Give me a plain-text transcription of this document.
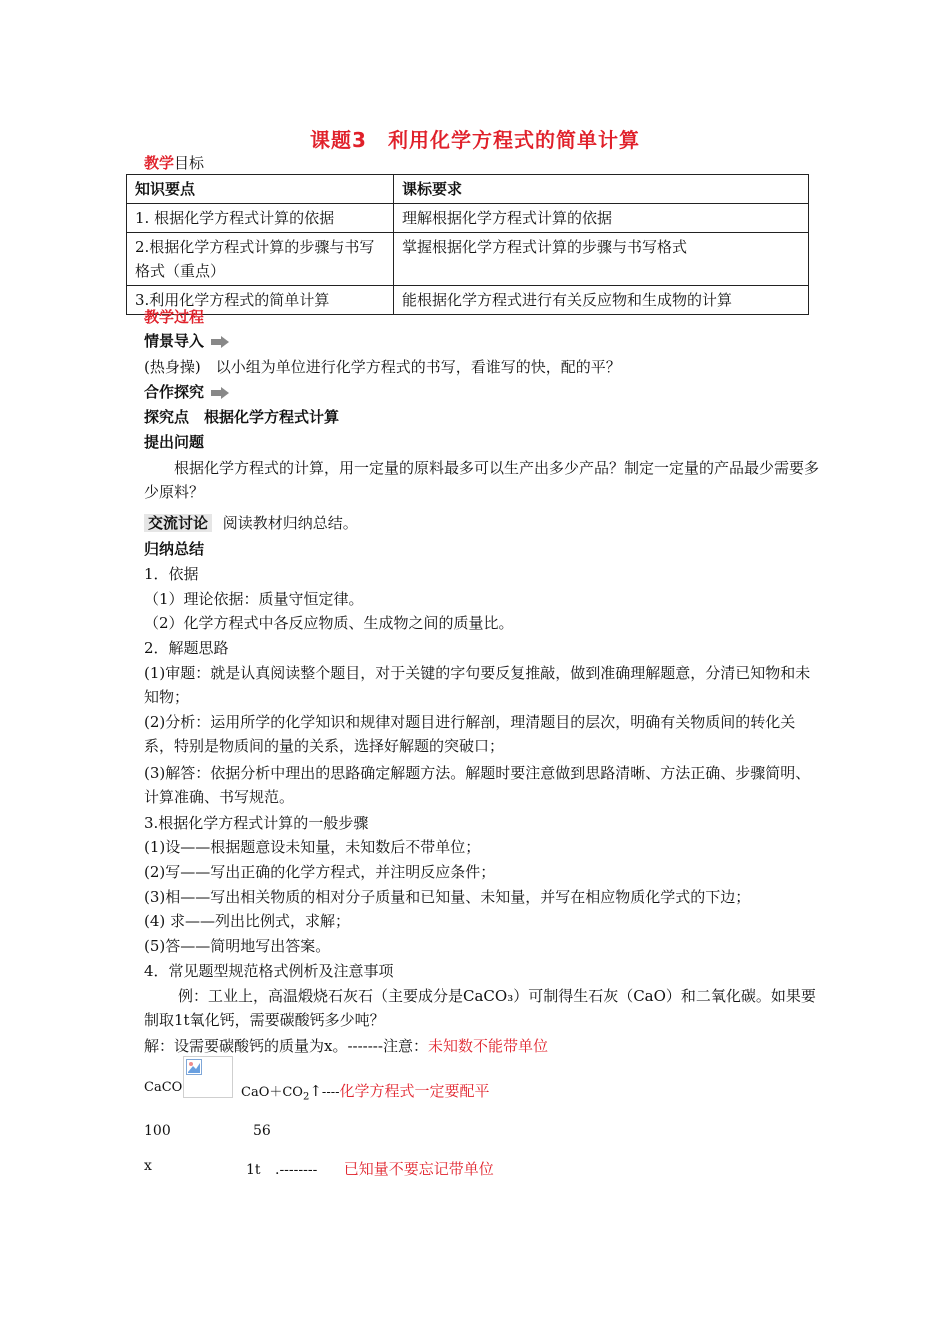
课题3　利用化学方程式的简单计算
教学目标
知识要点	课标要求
1. 根据化学方程式计算的依据	理解根据化学方程式计算的依据
2.根据化学方程式计算的步骤与书写格式（重点）	掌握根据化学方程式计算的步骤与书写格式
3.利用化学方程式的简单计算	能根据化学方程式进行有关反应物和生成物的计算
教学过程
情景导入
(热身操)　以小组为单位进行化学方程式的书写，看谁写的快，配的平？
合作探究
探究点　根据化学方程式计算
提出问题
根据化学方程式的计算，用一定量的原料最多可以生产出多少产品？制定一定量的产品最少需要多少原料？
交流讨论 阅读教材归纳总结。
归纳总结
1．依据
（1）理论依据：质量守恒定律。
（2）化学方程式中各反应物质、生成物之间的质量比。
2．解题思路
(1)审题：就是认真阅读整个题目，对于关键的字句要反复推敲，做到准确理解题意，分清已知物和未知物；
(2)分析：运用所学的化学知识和规律对题目进行解剖，理清题目的层次，明确有关物质间的转化关系，特别是物质间的量的关系，选择好解题的突破口；
(3)解答：依据分析中理出的思路确定解题方法。解题时要注意做到思路清晰、方法正确、步骤简明、计算准确、书写规范。
3.根据化学方程式计算的一般步骤
(1)设——根据题意设未知量，未知数后不带单位；
(2)写——写出正确的化学方程式，并注明反应条件；
(3)相——写出相关物质的相对分子质量和已知量、未知量，并写在相应物质化学式的下边；
(4) 求——列出比例式，求解；
(5)答——简明地写出答案。
4．常见题型规范格式例析及注意事项
例：工业上，高温煅烧石灰石（主要成分是CaCO₃）可制得生石灰（CaO）和二氧化碳。如果要制取1t氧化钙，需要碳酸钙多少吨？
解：设需要碳酸钙的质量为x。-------注意：未知数不能带单位
CaCO	$CaO+CO_2↑----$化学方程式一定要配平
100	56
x	1t .-------- 已知量不要忘记带单位
